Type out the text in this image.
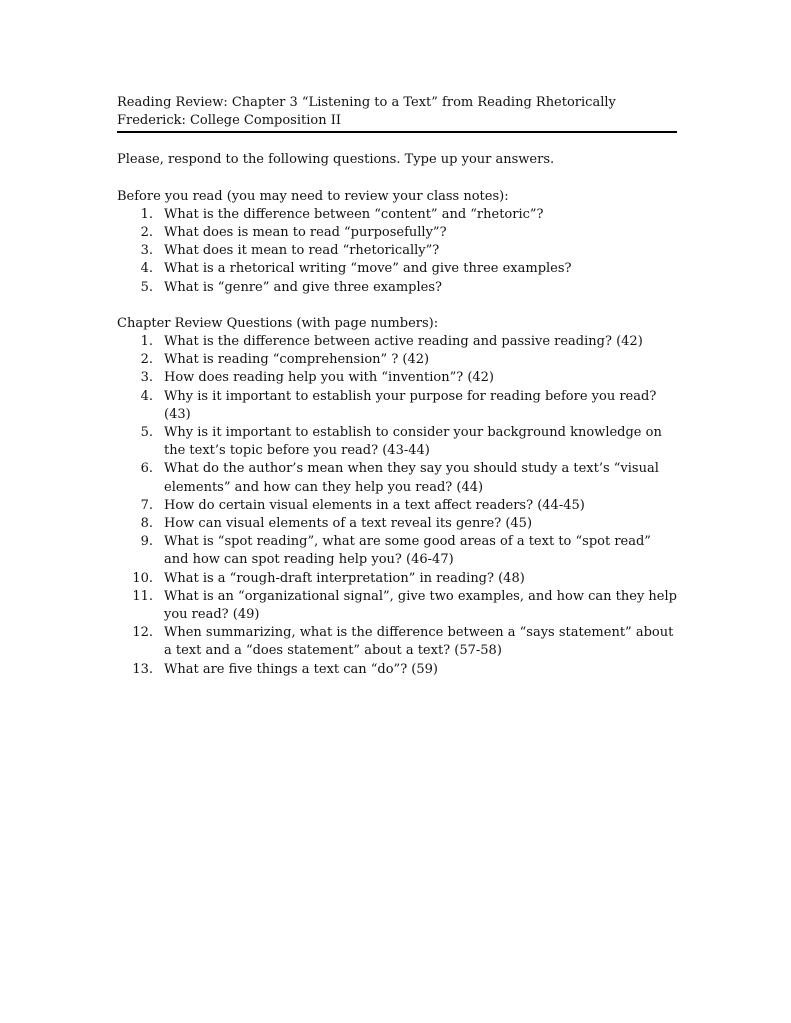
Reading Review: Chapter 3 “Listening to a Text” from Reading Rhetorically
Frederick: College Composition II
Please, respond to the following questions. Type up your answers.
Before you read (you may need to review your class notes):
1. What is the difference between “content” and “rhetoric”?
2. What does is mean to read “purposefully”?
3. What does it mean to read “rhetorically”?
4. What is a rhetorical writing “move” and give three examples?
5. What is “genre” and give three examples?
Chapter Review Questions (with page numbers):
1. What is the difference between active reading and passive reading? (42)
2. What is reading “comprehension” ? (42)
3. How does reading help you with “invention”? (42)
4. Why is it important to establish your purpose for reading before you read? (43)
5. Why is it important to establish to consider your background knowledge on the text’s topic before you read? (43-44)
6. What do the author’s mean when they say you should study a text’s “visual elements” and how can they help you read? (44)
7. How do certain visual elements in a text affect readers? (44-45)
8. How can visual elements of a text reveal its genre? (45)
9. What is “spot reading”, what are some good areas of a text to “spot read” and how can spot reading help you? (46-47)
10. What is a “rough-draft interpretation” in reading? (48)
11. What is an “organizational signal”, give two examples, and how can they help you read? (49)
12. When summarizing, what is the difference between a “says statement” about a text and a “does statement” about a text? (57-58)
13. What are five things a text can “do”? (59)
